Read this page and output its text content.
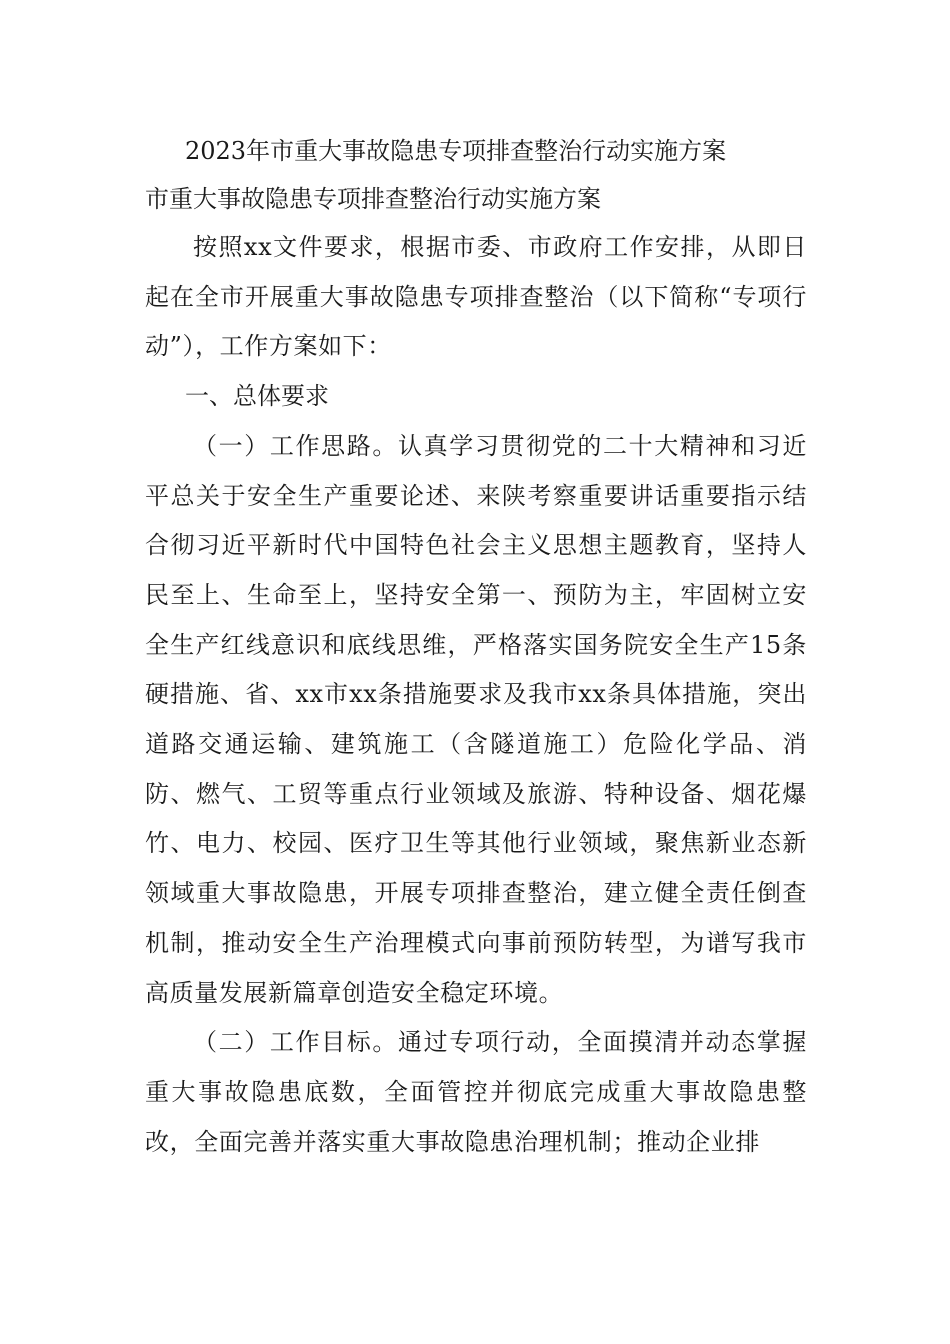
2023年市重大事故隐患专项排查整治行动实施方案
市重大事故隐患专项排查整治行动实施方案

按照xx文件要求，根据市委、市政府工作安排，从即日起在全市开展重大事故隐患专项排查整治（以下简称“专项行动”），工作方案如下：

一、总体要求

（一）工作思路。认真学习贯彻党的二十大精神和习近平总关于安全生产重要论述、来陕考察重要讲话重要指示结合彻习近平新时代中国特色社会主义思想主题教育，坚持人民至上、生命至上，坚持安全第一、预防为主，牢固树立安全生产红线意识和底线思维，严格落实国务院安全生产15条硬措施、省、xx市xx条措施要求及我市xx条具体措施，突出道路交通运输、建筑施工（含隧道施工）危险化学品、消防、燃气、工贸等重点行业领域及旅游、特种设备、烟花爆竹、电力、校园、医疗卫生等其他行业领域，聚焦新业态新领域重大事故隐患，开展专项排查整治，建立健全责任倒查机制，推动安全生产治理模式向事前预防转型，为谱写我市高质量发展新篇章创造安全稳定环境。

（二）工作目标。通过专项行动，全面摸清并动态掌握重大事故隐患底数，全面管控并彻底完成重大事故隐患整改，全面完善并落实重大事故隐患治理机制；推动企业排
